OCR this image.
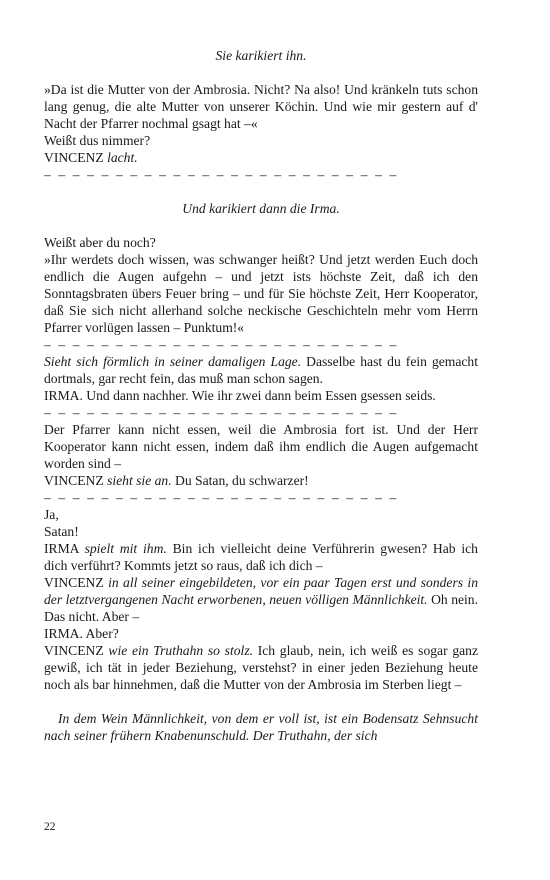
Sie karikiert ihn.

»Da ist die Mutter von der Ambrosia. Nicht? Na also! Und kränkeln tuts schon lang genug, die alte Mutter von unserer Köchin. Und wie mir gestern auf d' Nacht der Pfarrer nochmal gsagt hat –«

Weißt dus nimmer?

VINCENZ lacht.

– – – – – – – – – – – – – – – – – – – – – – – – –

Und karikiert dann die Irma.

Weißt aber du noch?

»Ihr werdets doch wissen, was schwanger heißt? Und jetzt werden Euch doch endlich die Augen aufgehn – und jetzt ists höchste Zeit, daß ich den Sonntagsbraten übers Feuer bring – und für Sie höchste Zeit, Herr Kooperator, daß Sie sich nicht allerhand solche neckische Geschichteln mehr vom Herrn Pfarrer vorlügen lassen – Punktum!«

– – – – – – – – – – – – – – – – – – – – – – – – –

Sieht sich förmlich in seiner damaligen Lage. Dasselbe hast du fein gemacht dortmals, gar recht fein, das muß man schon sagen.

IRMA. Und dann nachher. Wie ihr zwei dann beim Essen gsessen seids.

– – – – – – – – – – – – – – – – – – – – – – – – –

Der Pfarrer kann nicht essen, weil die Ambrosia fort ist. Und der Herr Kooperator kann nicht essen, indem daß ihm endlich die Augen aufgemacht worden sind –

VINCENZ sieht sie an. Du Satan, du schwarzer!

– – – – – – – – – – – – – – – – – – – – – – – – –

Ja,

Satan!

IRMA spielt mit ihm. Bin ich vielleicht deine Verführerin gwesen? Hab ich dich verführt? Kommts jetzt so raus, daß ich dich –

VINCENZ in all seiner eingebildeten, vor ein paar Tagen erst und sonders in der letztvergangenen Nacht erworbenen, neuen völligen Männlichkeit. Oh nein. Das nicht. Aber –

IRMA. Aber?

VINCENZ wie ein Truthahn so stolz. Ich glaub, nein, ich weiß es sogar ganz gewiß, ich tät in jeder Beziehung, verstehst? in einer jeden Beziehung heute noch als bar hinnehmen, daß die Mutter von der Ambrosia im Sterben liegt –

In dem Wein Männlichkeit, von dem er voll ist, ist ein Bodensatz Sehnsucht nach seiner frühern Knabenunschuld. Der Truthahn, der sich

22
